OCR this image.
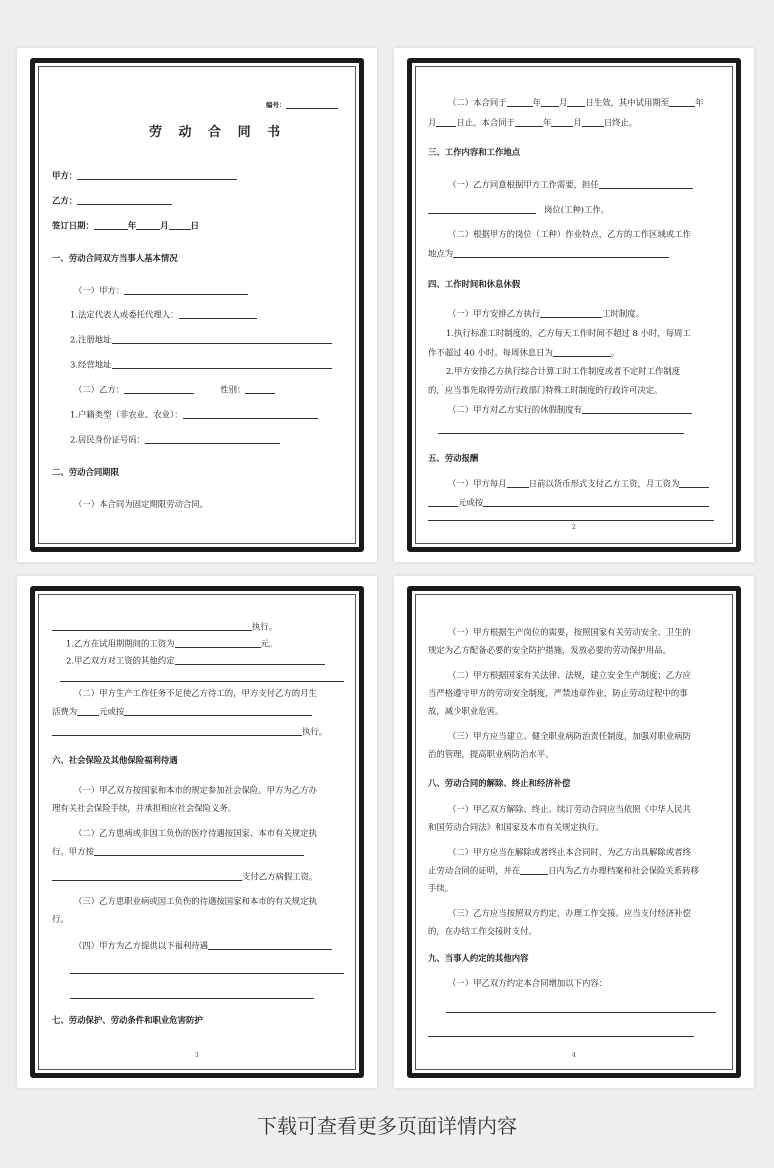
编号：
劳 动 合 同 书
甲方：
乙方：
签订日期：	年	月	日
一、劳动合同双方当事人基本情况
（一）甲方：
1.法定代表人或委托代理人：
2.注册地址
3.经营地址
（二）乙方：	性别：
1.户籍类型（非农业、农业）：
2.居民身份证号码：
二、劳动合同期限
（一）本合同为固定期限劳动合同。
（二）本合同于	年 月 日生效，其中试用期至	年
月 日止。本合同于	年	月	日终止。
三、工作内容和工作地点
（一）乙方同意根据甲方工作需要，担任
岗位(工种)工作。
（二）根据甲方的岗位（工种）作业特点，乙方的工作区域或工作
地点为
四、工作时间和休息休假
（一）甲方安排乙方执行	工时制度。
1.执行标准工时制度的，乙方每天工作时间不超过 8 小时，每周工
作不超过 40 小时。每周休息日为	。
2.甲方安排乙方执行综合计算工时工作制度或者不定时工作制度
的，应当事先取得劳动行政部门特殊工时制度的行政许可决定。
（二）甲方对乙方实行的休假制度有
五、劳动报酬
（一）甲方每月	日前以货币形式支付乙方工资，月工资为
元或按
2
执行。
1.乙方在试用期期间的工资为	元。
2.甲乙双方对工资的其他约定
（二）甲方生产工作任务不足使乙方待工的，甲方支付乙方的月生
活费为	元或按
执行。
六、社会保险及其他保险福利待遇
（一）甲乙双方按国家和本市的规定参加社会保险。甲方为乙方办
理有关社会保险手续，并承担相应社会保险义务。
（二）乙方患病或非因工负伤的医疗待遇按国家、本市有关规定执
行。甲方按
支付乙方病假工资。
（三）乙方患职业病或因工负伤的待遇按国家和本市的有关规定执
行。
（四）甲方为乙方提供以下福利待遇
七、劳动保护、劳动条件和职业危害防护
3
（一）甲方根据生产岗位的需要，按照国家有关劳动安全、卫生的
规定为乙方配备必要的安全防护措施，发放必要的劳动保护用品。
（二）甲方根据国家有关法律、法规，建立安全生产制度；乙方应
当严格遵守甲方的劳动安全制度，严禁违章作业，防止劳动过程中的事
故，减少职业危害。
（三）甲方应当建立、健全职业病防治责任制度，加强对职业病防
治的管理，提高职业病防治水平。
八、劳动合同的解除、终止和经济补偿
（一）甲乙双方解除、终止、续订劳动合同应当依照《中华人民共
和国劳动合同法》和国家及本市有关规定执行。
（二）甲方应当在解除或者终止本合同时，为乙方出具解除或者终
止劳动合同的证明，并在	日内为乙方办理档案和社会保险关系转移
手续。
（三）乙方应当按照双方约定，办理工作交接。应当支付经济补偿
的，在办结工作交接时支付。
九、当事人约定的其他内容
（一）甲乙双方约定本合同增加以下内容：
4
下载可查看更多页面详情内容
